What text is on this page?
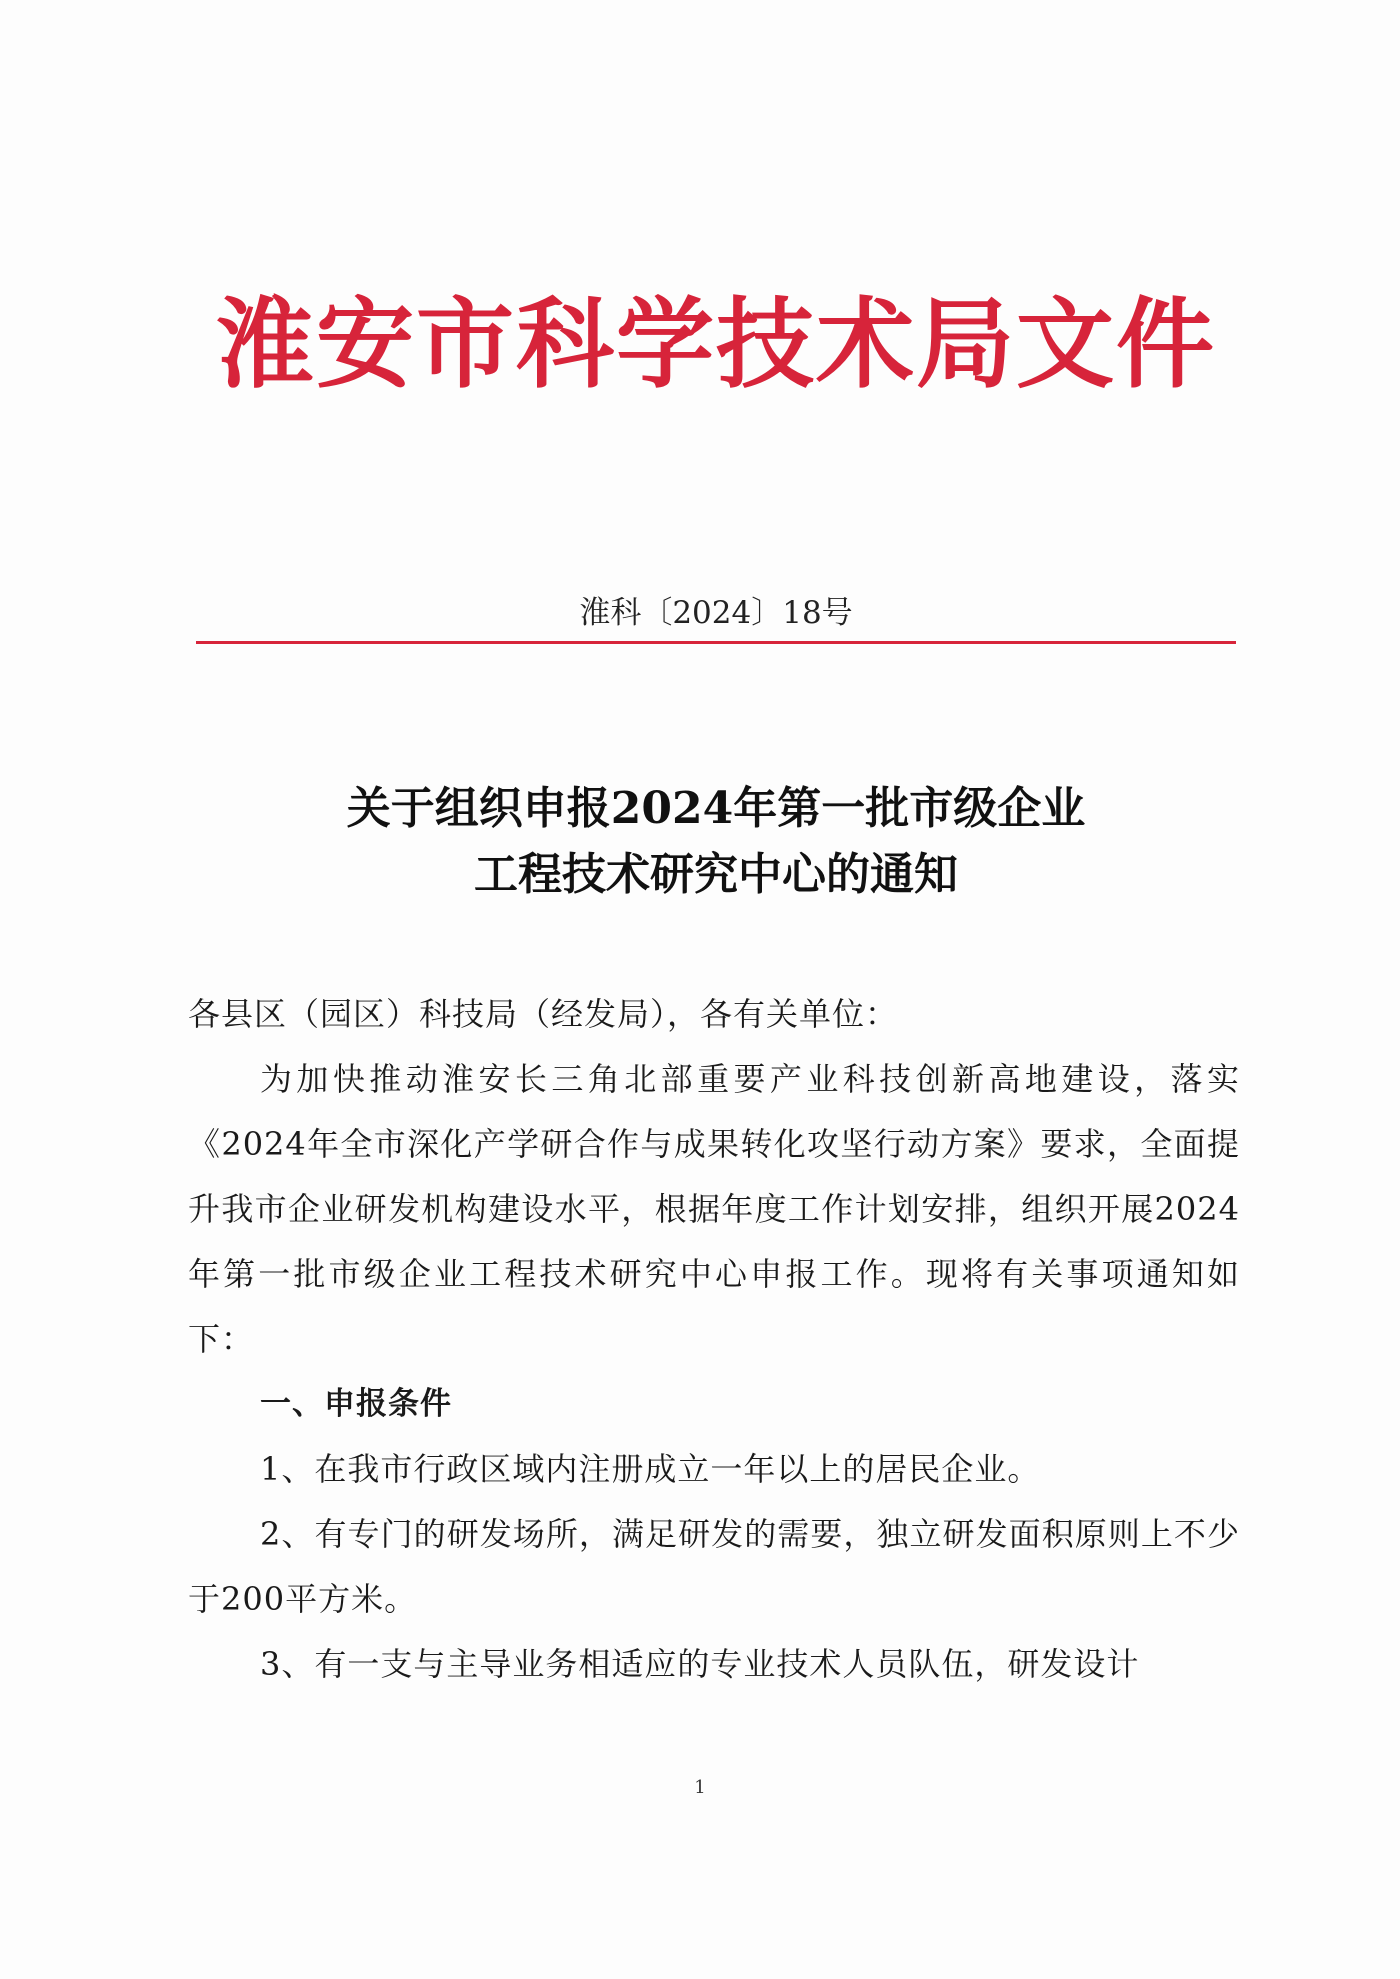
淮安市科学技术局文件
淮科〔2024〕18号
关于组织申报2024年第一批市级企业
工程技术研究中心的通知

各县区（园区）科技局（经发局），各有关单位：

为加快推动淮安长三角北部重要产业科技创新高地建设，落实《2024年全市深化产学研合作与成果转化攻坚行动方案》要求，全面提升我市企业研发机构建设水平，根据年度工作计划安排，组织开展2024年第一批市级企业工程技术研究中心申报工作。现将有关事项通知如下：

一、申报条件

1、在我市行政区域内注册成立一年以上的居民企业。

2、有专门的研发场所，满足研发的需要，独立研发面积原则上不少于200平方米。

3、有一支与主导业务相适应的专业技术人员队伍，研发设计

1
